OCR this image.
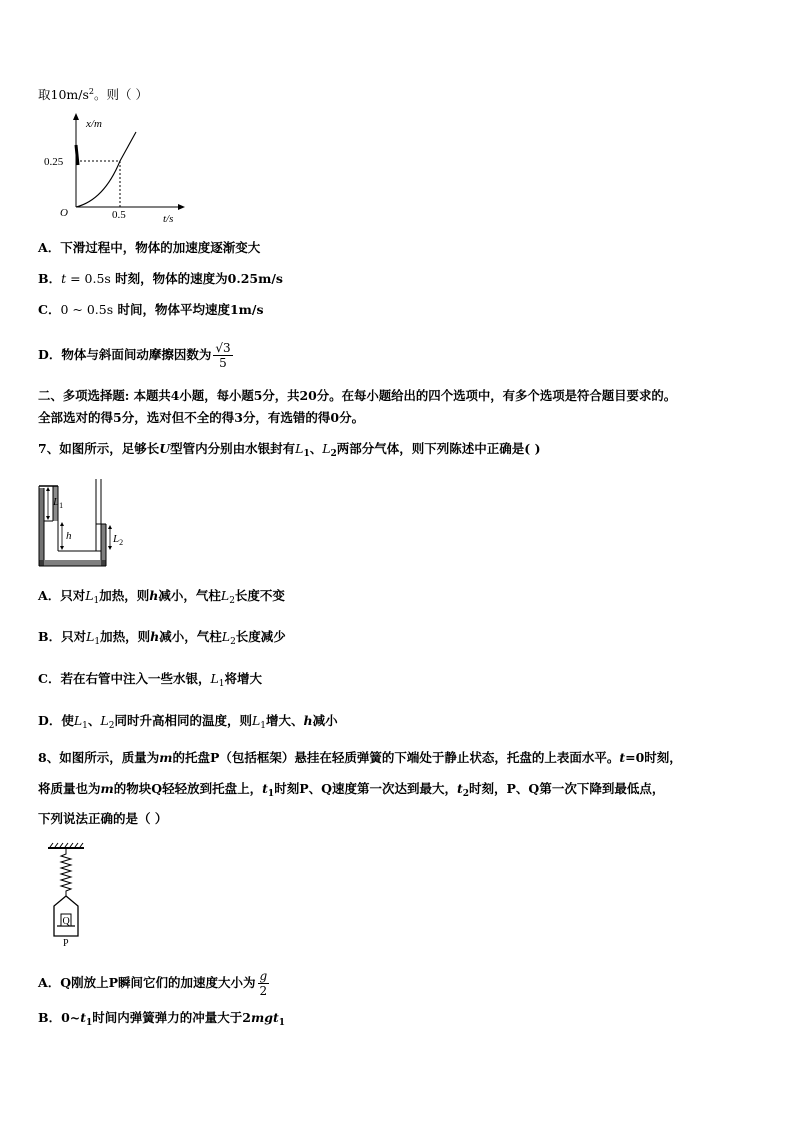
取$10m/s^2$。则（ ）
x/m
0.25
O	0.5	t/s
A．下滑过程中，物体的加速度逐渐变大
B．t = 0.5s 时刻，物体的速度为0.25m/s
C．0 ~ 0.5s 时间，物体平均速度1m/s
D．物体与斜面间动摩擦因数为 $\frac{√3}{5}$
二、多项选择题: 本题共4小题，每小题5分，共20分。在每小题给出的四个选项中，有多个选项是符合题目要求的。
全部选对的得5分，选对但不全的得3分，有选错的得0分。
7、如图所示，足够长U型管内分别由水银封有$L_1$、$L_2$两部分气体，则下列陈述中正确是( )
$L_1$
h	$L_2$
A．只对$L_1$加热，则h减小，气柱$L_2$长度不变
B．只对$L_1$加热，则h减小，气柱$L_2$长度减少
C．若在右管中注入一些水银，$L_1$将增大
D．使$L_1$、$L_2$同时升高相同的温度，则$L_1$增大、h减小
8、如图所示，质量为m的托盘P（包括框架）悬挂在轻质弹簧的下端处于静止状态，托盘的上表面水平。t=0时刻，
将质量也为m的物块Q轻轻放到托盘上，$t_1$时刻P、Q速度第一次达到最大，$t_2$时刻，P、Q第一次下降到最低点，
下列说法正确的是（ ）
Q
P
A．Q刚放上P瞬间它们的加速度大小为 $\frac{g}{2}$
B．$0\sim t_1$时间内弹簧弹力的冲量大于2mgt$_1$
